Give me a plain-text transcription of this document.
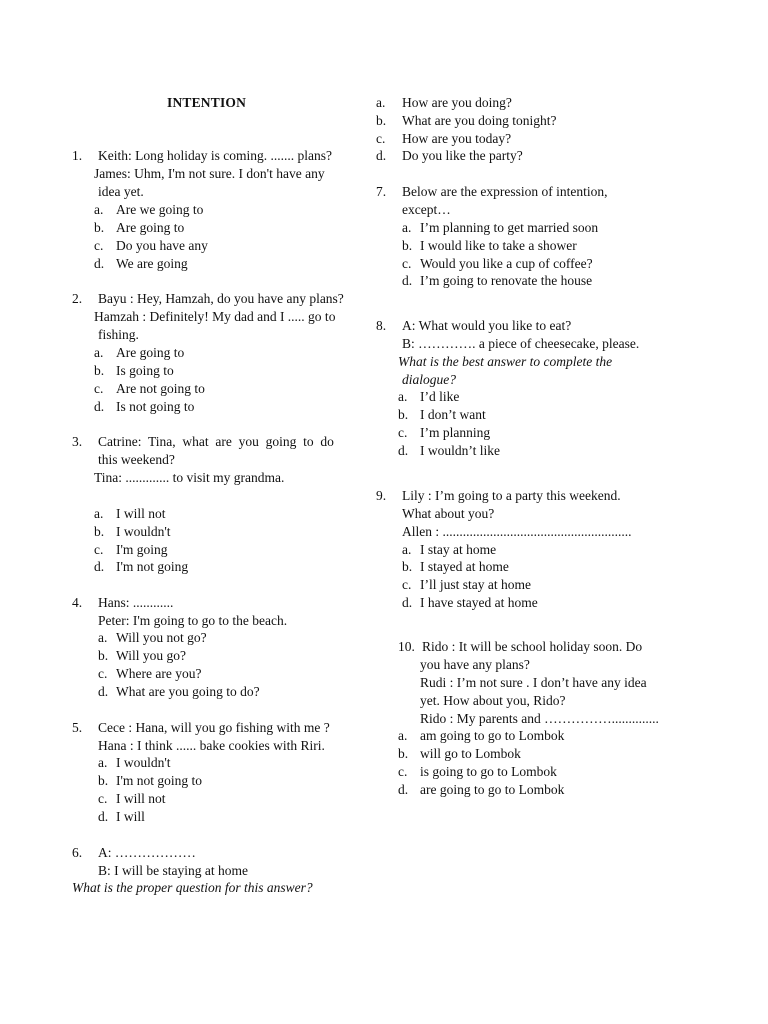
INTENTION
1. Keith: Long holiday is coming. ....... plans?
James: Uhm, I'm not sure. I don't have any
idea yet.
a. Are we going to
b. Are going to
c. Do you have any
d. We are going
2. Bayu : Hey, Hamzah, do you have any plans?
Hamzah : Definitely! My dad and I ..... go to
fishing.
a. Are going to
b. Is going to
c. Are not going to
d. Is not going to
3. Catrine:  Tina,  what  are  you  going  to  do
this weekend?
Tina: ............. to visit my grandma.
a. I will not
b. I wouldn't
c. I'm going
d. I'm not going
4. Hans: ............
Peter: I'm going to go to the beach.
a. Will you not go?
b. Will you go?
c. Where are you?
d. What are you going to do?
5. Cece : Hana, will you go fishing with me ?
Hana : I think ...... bake cookies with Riri.
a. I wouldn't
b. I'm not going to
c. I will not
d. I will
6. A: ………………
B: I will be staying at home
What is the proper question for this answer?
a. How are you doing?
b. What are you doing tonight?
c. How are you today?
d. Do you like the party?
7. Below are the expression of intention,
except…
a. I’m planning to get married soon
b. I would like to take a shower
c. Would you like a cup of coffee?
d. I’m going to renovate the house
8. A: What would you like to eat?
B: …………. a piece of cheesecake, please.
What is the best answer to complete the
dialogue?
a. I’d like
b. I don’t want
c. I’m planning
d. I wouldn’t like
9. Lily : I’m going to a party this weekend.
What about you?
Allen : ........................................................
a. I stay at home
b. I stayed at home
c. I’ll just stay at home
d. I have stayed at home
10. Rido : It will be school holiday soon. Do
you have any plans?
Rudi : I’m not sure . I don’t have any idea
yet. How about you, Rido?
Rido : My parents and ……………..............
a. am going to go to Lombok
b. will go to Lombok
c. is going to go to Lombok
d. are going to go to Lombok
